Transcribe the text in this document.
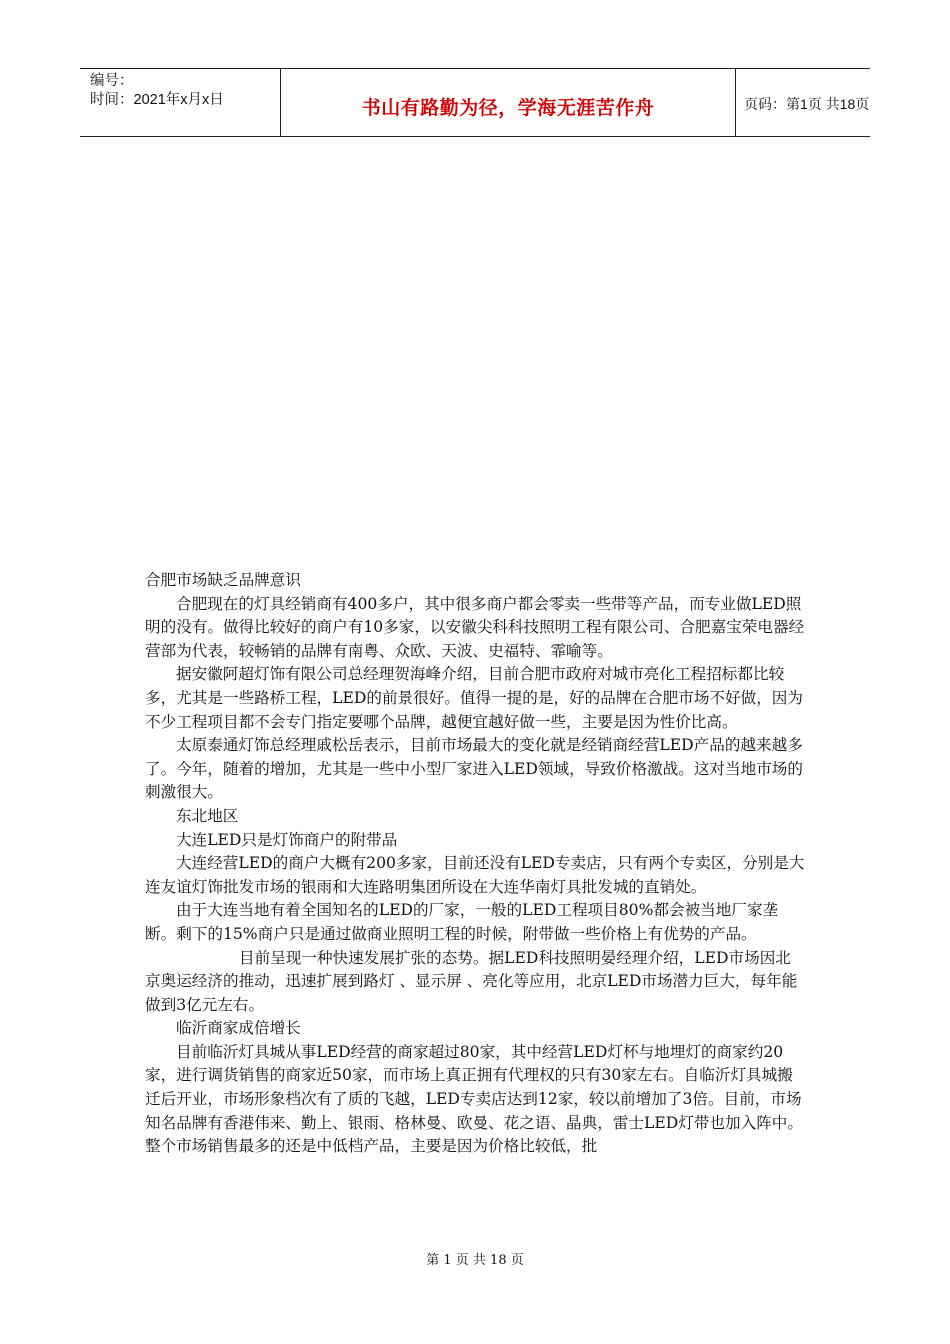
编号：
时间：2021年x月x日	书山有路勤为径，学海无涯苦作舟	页码：第1页 共18页

合肥市场缺乏品牌意识

合肥现在的灯具经销商有400多户，其中很多商户都会零卖一些带等产品，而专业做LED照明的没有。做得比较好的商户有10多家，以安徽尖科科技照明工程有限公司、合肥嘉宝荣电器经营部为代表，较畅销的品牌有南粤、众欧、天波、史福特、霏喻等。

据安徽阿超灯饰有限公司总经理贺海峰介绍，目前合肥市政府对城市亮化工程招标都比较多，尤其是一些路桥工程，LED的前景很好。值得一提的是，好的品牌在合肥市场不好做，因为不少工程项目都不会专门指定要哪个品牌，越便宜越好做一些，主要是因为性价比高。

太原泰通灯饰总经理戚松岳表示，目前市场最大的变化就是经销商经营LED产品的越来越多了。今年，随着的增加，尤其是一些中小型厂家进入LED领域，导致价格激战。这对当地市场的刺激很大。

东北地区

大连LED只是灯饰商户的附带品

大连经营LED的商户大概有200多家，目前还没有LED专卖店，只有两个专卖区，分别是大连友谊灯饰批发市场的银雨和大连路明集团所设在大连华南灯具批发城的直销处。

由于大连当地有着全国知名的LED的厂家，一般的LED工程项目80%都会被当地厂家垄断。剩下的15%商户只是通过做商业照明工程的时候，附带做一些价格上有优势的产品。

目前呈现一种快速发展扩张的态势。据LED科技照明晏经理介绍，LED市场因北京奥运经济的推动，迅速扩展到路灯 、显示屏 、亮化等应用，北京LED市场潜力巨大，每年能做到3亿元左右。

临沂商家成倍增长

目前临沂灯具城从事LED经营的商家超过80家，其中经营LED灯杯与地埋灯的商家约20家，进行调货销售的商家近50家，而市场上真正拥有代理权的只有30家左右。自临沂灯具城搬迁后开业，市场形象档次有了质的飞越，LED专卖店达到12家，较以前增加了3倍。目前，市场知名品牌有香港伟来、勤上、银雨、格林曼、欧曼、花之语、晶典，雷士LED灯带也加入阵中。整个市场销售最多的还是中低档产品，主要是因为价格比较低，批

第 1 页 共 18 页
